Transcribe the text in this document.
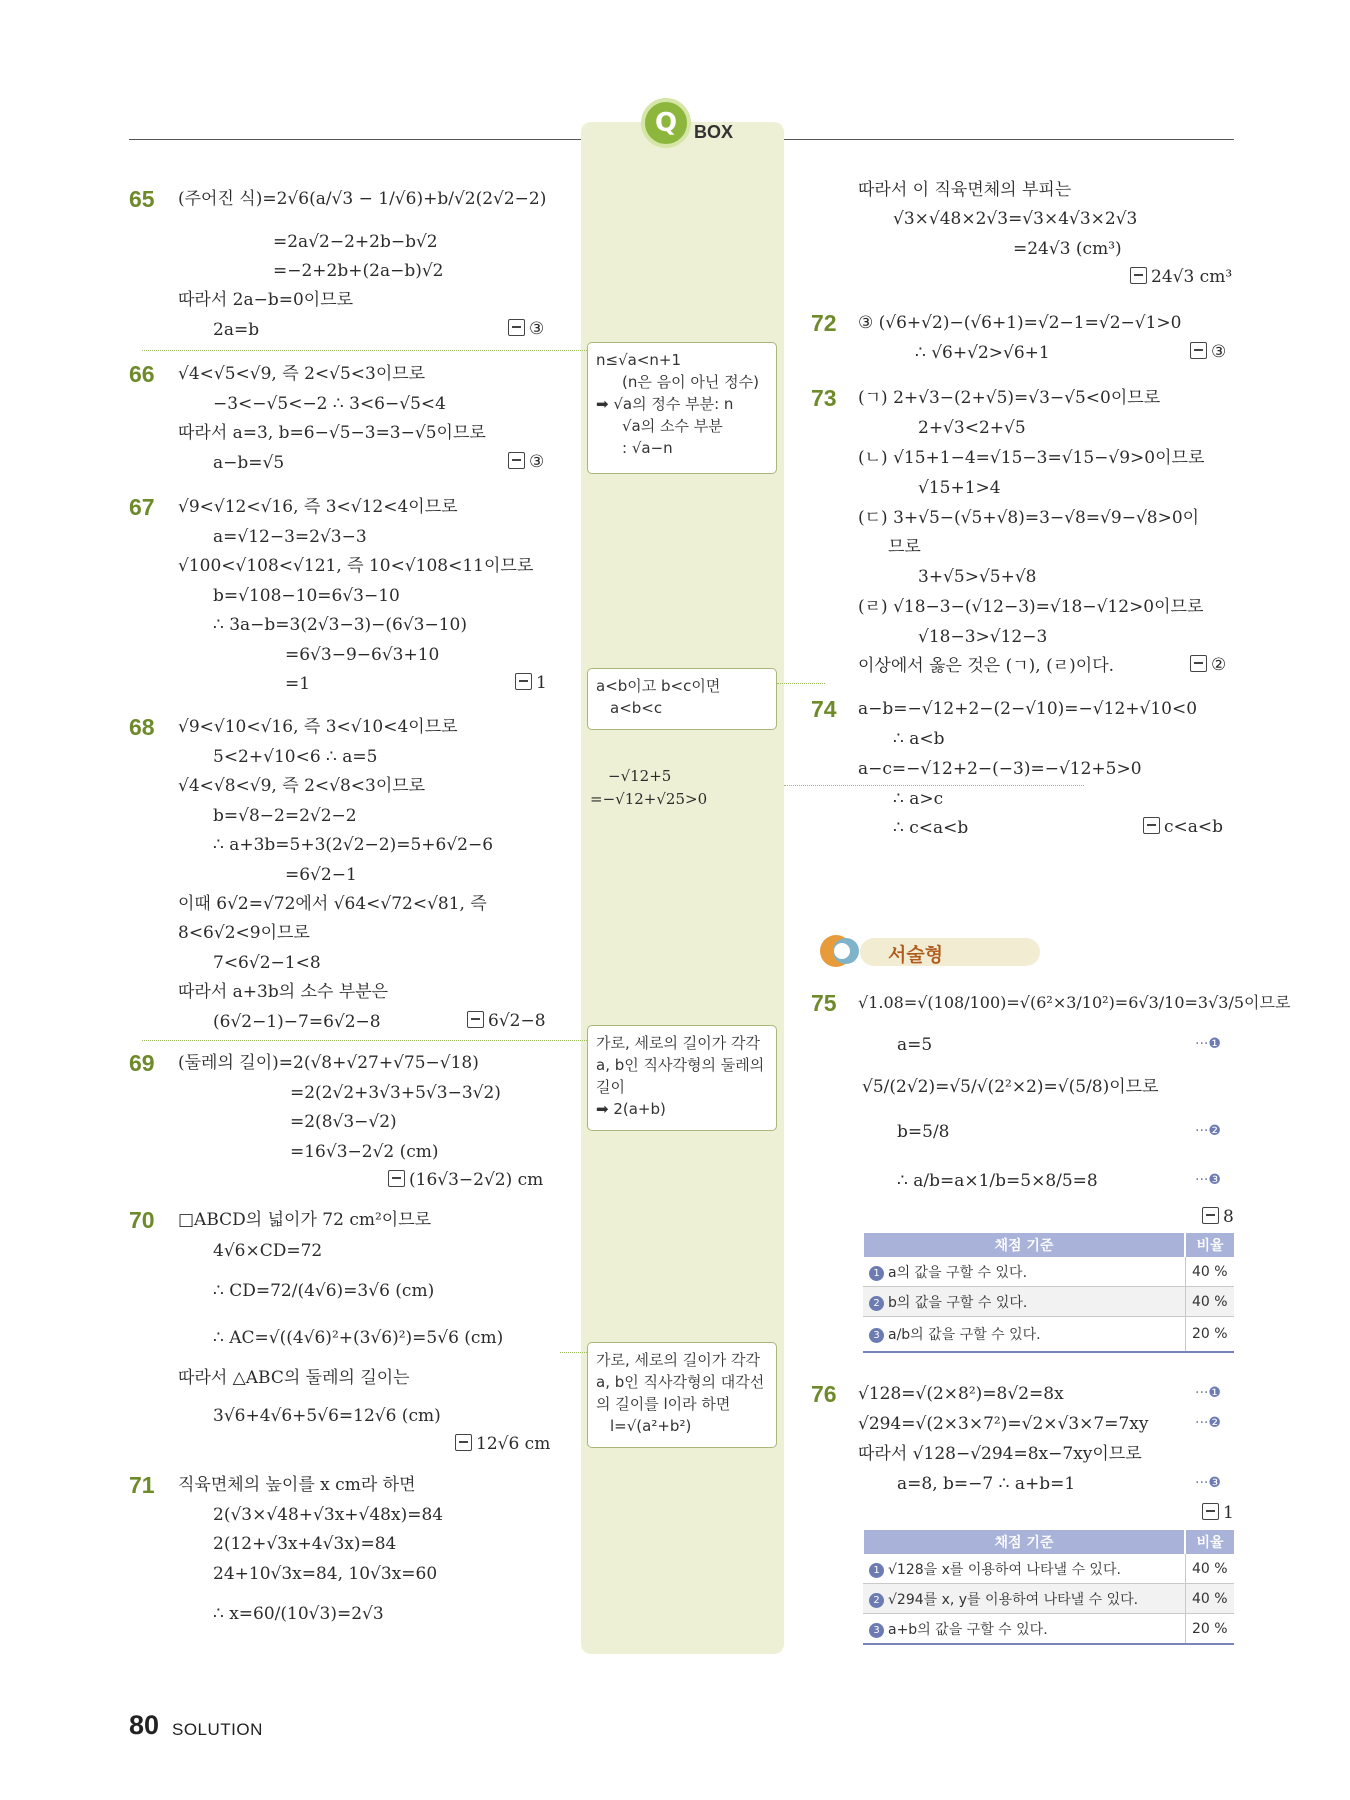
Q BOX
65 (주어진 식)=2√6(a/√3 − 1/√6)+b/√2(2√2−2)
=2a√2−2+2b−b√2
=−2+2b+(2a−b)√2
따라서 2a−b=0이므로
2a=b	③
66 √4<√5<√9, 즉 2<√5<3이므로
−3<−√5<−2 ∴ 3<6−√5<4
따라서 a=3, b=6−√5−3=3−√5이므로
a−b=√5	③
67 √9<√12<√16, 즉 3<√12<4이므로
a=√12−3=2√3−3
√100<√108<√121, 즉 10<√108<11이므로
b=√108−10=6√3−10
∴ 3a−b=3(2√3−3)−(6√3−10)
=6√3−9−6√3+10
=1	1
68 √9<√10<√16, 즉 3<√10<4이므로
5<2+√10<6 ∴ a=5
√4<√8<√9, 즉 2<√8<3이므로
b=√8−2=2√2−2
∴ a+3b=5+3(2√2−2)=5+6√2−6
=6√2−1
이때 6√2=√72에서 √64<√72<√81, 즉
8<6√2<9이므로
7<6√2−1<8
따라서 a+3b의 소수 부분은
(6√2−1)−7=6√2−8	6√2−8
69 (둘레의 길이)=2(√8+√27+√75−√18)
=2(2√2+3√3+5√3−3√2)
=2(8√3−√2)
=16√3−2√2 (cm)
(16√3−2√2) cm
70 □ABCD의 넓이가 72 cm²이므로
4√6×CD=72
∴ CD=72/(4√6)=3√6 (cm)
∴ AC=√((4√6)²+(3√6)²)=5√6 (cm)
따라서 △ABC의 둘레의 길이는
3√6+4√6+5√6=12√6 (cm)
12√6 cm
71 직육면체의 높이를 x cm라 하면
2(√3×√48+√3x+√48x)=84
2(12+√3x+4√3x)=84
24+10√3x=84, 10√3x=60
∴ x=60/(10√3)=2√3
n≤√a<n+1
(n은 음이 아닌 정수)
➡ √a의 정수 부분: n
√a의 소수 부분
: √a−n
a<b이고 b<c이면
a<b<c
−√12+5
=−√12+√25>0
가로, 세로의 길이가 각각
a, b인 직사각형의 둘레의
길이
➡ 2(a+b)
가로, 세로의 길이가 각각
a, b인 직사각형의 대각선
의 길이를 l이라 하면
l=√(a²+b²)
따라서 이 직육면체의 부피는
√3×√48×2√3=√3×4√3×2√3
=24√3 (cm³)
24√3 cm³
72 ③ (√6+√2)−(√6+1)=√2−1=√2−√1>0
∴ √6+√2>√6+1	③
73 (ㄱ) 2+√3−(2+√5)=√3−√5<0이므로
2+√3<2+√5
(ㄴ) √15+1−4=√15−3=√15−√9>0이므로
√15+1>4
(ㄷ) 3+√5−(√5+√8)=3−√8=√9−√8>0이
므로
3+√5>√5+√8
(ㄹ) √18−3−(√12−3)=√18−√12>0이므로
√18−3>√12−3
이상에서 옳은 것은 (ㄱ), (ㄹ)이다.	②
74 a−b=−√12+2−(2−√10)=−√12+√10<0
∴ a<b
a−c=−√12+2−(−3)=−√12+5>0
∴ a>c
∴ c<a<b	c<a<b
서술형
75 √1.08=√(108/100)=√(6²×3/10²)=6√3/10=3√3/5이므로
a=5	···❶
√5/(2√2)=√5/√(2²×2)=√(5/8)이므로
b=5/8	···❷
∴ a/b=a×1/b=5×8/5=8	···❸
8
채점 기준	비율
1 a의 값을 구할 수 있다.	40 %
2 b의 값을 구할 수 있다.	40 %
3 a/b의 값을 구할 수 있다.	20 %
76 √128=√(2×8²)=8√2=8x	···❶
√294=√(2×3×7²)=√2×√3×7=7xy	···❷
따라서 √128−√294=8x−7xy이므로
a=8, b=−7 ∴ a+b=1	···❸
1
채점 기준	비율
1 √128을 x를 이용하여 나타낼 수 있다.	40 %
2 √294를 x, y를 이용하여 나타낼 수 있다.	40 %
3 a+b의 값을 구할 수 있다.	20 %
80 SOLUTION
